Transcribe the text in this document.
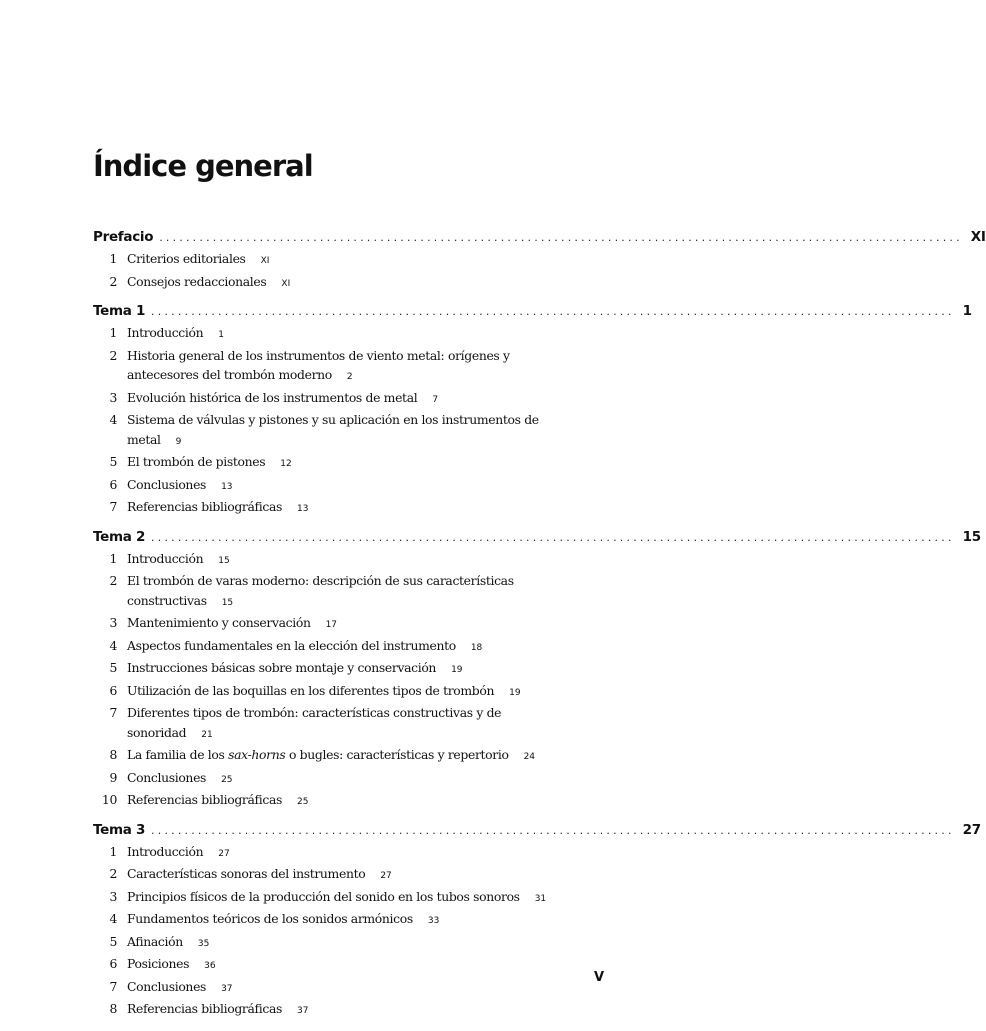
Índice general
Prefacio ........................................................................................................................ XI
1 Criterios editoriales XI
2 Consejos redaccionales XI
Tema 1 ........................................................................................................................ 1
1 Introducción 1
2 Historia general de los instrumentos de viento metal: orígenes y antecesores del trombón moderno 2
3 Evolución histórica de los instrumentos de metal 7
4 Sistema de válvulas y pistones y su aplicación en los instrumentos de metal 9
5 El trombón de pistones 12
6 Conclusiones 13
7 Referencias bibliográficas 13
Tema 2 ........................................................................................................................ 15
1 Introducción 15
2 El trombón de varas moderno: descripción de sus características constructivas 15
3 Mantenimiento y conservación 17
4 Aspectos fundamentales en la elección del instrumento 18
5 Instrucciones básicas sobre montaje y conservación 19
6 Utilización de las boquillas en los diferentes tipos de trombón 19
7 Diferentes tipos de trombón: características constructivas y de sonoridad 21
8 La familia de los sax-horns o bugles: características y repertorio 24
9 Conclusiones 25
10 Referencias bibliográficas 25
Tema 3 ........................................................................................................................ 27
1 Introducción 27
2 Características sonoras del instrumento 27
3 Principios físicos de la producción del sonido en los tubos sonoros 31
4 Fundamentos teóricos de los sonidos armónicos 33
5 Afinación 35
6 Posiciones 36
7 Conclusiones 37
8 Referencias bibliográficas 37
V
